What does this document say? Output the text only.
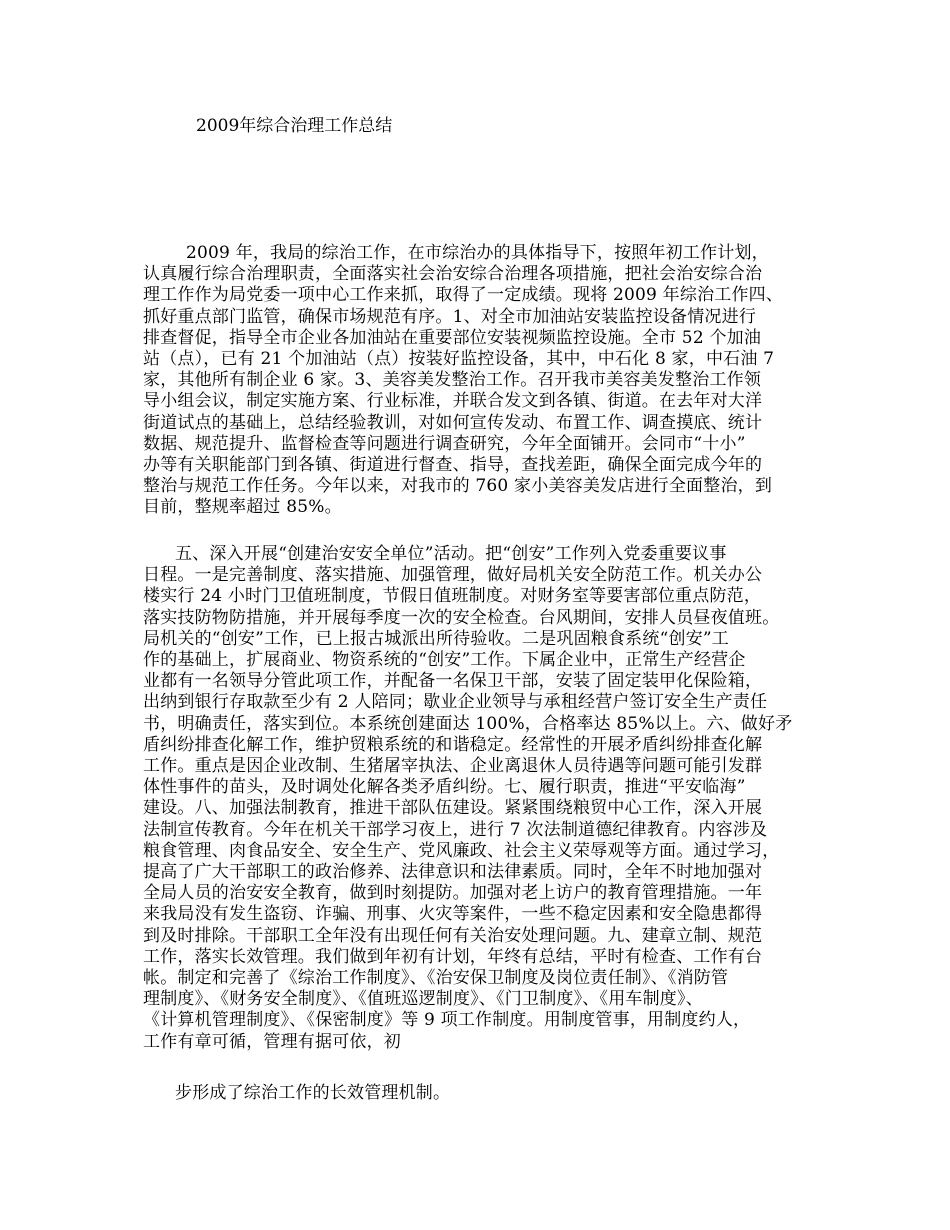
2009年综合治理工作总结
2009 年，我局的综治工作，在市综治办的具体指导下，按照年初工作计划，
认真履行综合治理职责，全面落实社会治安综合治理各项措施，把社会治安综合治
理工作作为局党委一项中心工作来抓，取得了一定成绩。现将 2009 年综治工作四、
抓好重点部门监管，确保市场规范有序。1、对全市加油站安装监控设备情况进行
排查督促，指导全市企业各加油站在重要部位安装视频监控设施。全市 52 个加油
站（点），已有 21 个加油站（点）按装好监控设备，其中，中石化 8 家，中石油 7
家，其他所有制企业 6 家。3、美容美发整治工作。召开我市美容美发整治工作领
导小组会议，制定实施方案、行业标准，并联合发文到各镇、街道。在去年对大洋
街道试点的基础上，总结经验教训，对如何宣传发动、布置工作、调查摸底、统计
数据、规范提升、监督检查等问题进行调查研究，今年全面铺开。会同市“十小”
办等有关职能部门到各镇、街道进行督查、指导，查找差距，确保全面完成今年的
整治与规范工作任务。今年以来，对我市的 760 家小美容美发店进行全面整治，到
目前，整规率超过 85%。
五、深入开展“创建治安安全单位”活动。把“创安”工作列入党委重要议事
日程。一是完善制度、落实措施、加强管理，做好局机关安全防范工作。机关办公
楼实行 24 小时门卫值班制度，节假日值班制度。对财务室等要害部位重点防范，
落实技防物防措施，并开展每季度一次的安全检查。台风期间，安排人员昼夜值班。
局机关的“创安”工作，已上报古城派出所待验收。二是巩固粮食系统“创安”工
作的基础上，扩展商业、物资系统的“创安”工作。下属企业中，正常生产经营企
业都有一名领导分管此项工作，并配备一名保卫干部，安装了固定装甲化保险箱，
出纳到银行存取款至少有 2 人陪同；歇业企业领导与承租经营户签订安全生产责任
书，明确责任，落实到位。本系统创建面达 100%，合格率达 85%以上。六、做好矛
盾纠纷排查化解工作，维护贸粮系统的和谐稳定。经常性的开展矛盾纠纷排查化解
工作。重点是因企业改制、生猪屠宰执法、企业离退休人员待遇等问题可能引发群
体性事件的苗头，及时调处化解各类矛盾纠纷。七、履行职责，推进“平安临海”
建设。八、加强法制教育，推进干部队伍建设。紧紧围绕粮贸中心工作，深入开展
法制宣传教育。今年在机关干部学习夜上，进行 7 次法制道德纪律教育。内容涉及
粮食管理、肉食品安全、安全生产、党风廉政、社会主义荣辱观等方面。通过学习，
提高了广大干部职工的政治修养、法律意识和法律素质。同时，全年不时地加强对
全局人员的治安安全教育，做到时刻提防。加强对老上访户的教育管理措施。一年
来我局没有发生盗窃、诈骗、刑事、火灾等案件，一些不稳定因素和安全隐患都得
到及时排除。干部职工全年没有出现任何有关治安处理问题。九、建章立制、规范
工作，落实长效管理。我们做到年初有计划，年终有总结，平时有检查、工作有台
帐。制定和完善了《综治工作制度》、《治安保卫制度及岗位责任制》、《消防管
理制度》、《财务安全制度》、《值班巡逻制度》、《门卫制度》、《用车制度》、
《计算机管理制度》、《保密制度》等 9 项工作制度。用制度管事，用制度约人，
工作有章可循，管理有据可依，初
步形成了综治工作的长效管理机制。
